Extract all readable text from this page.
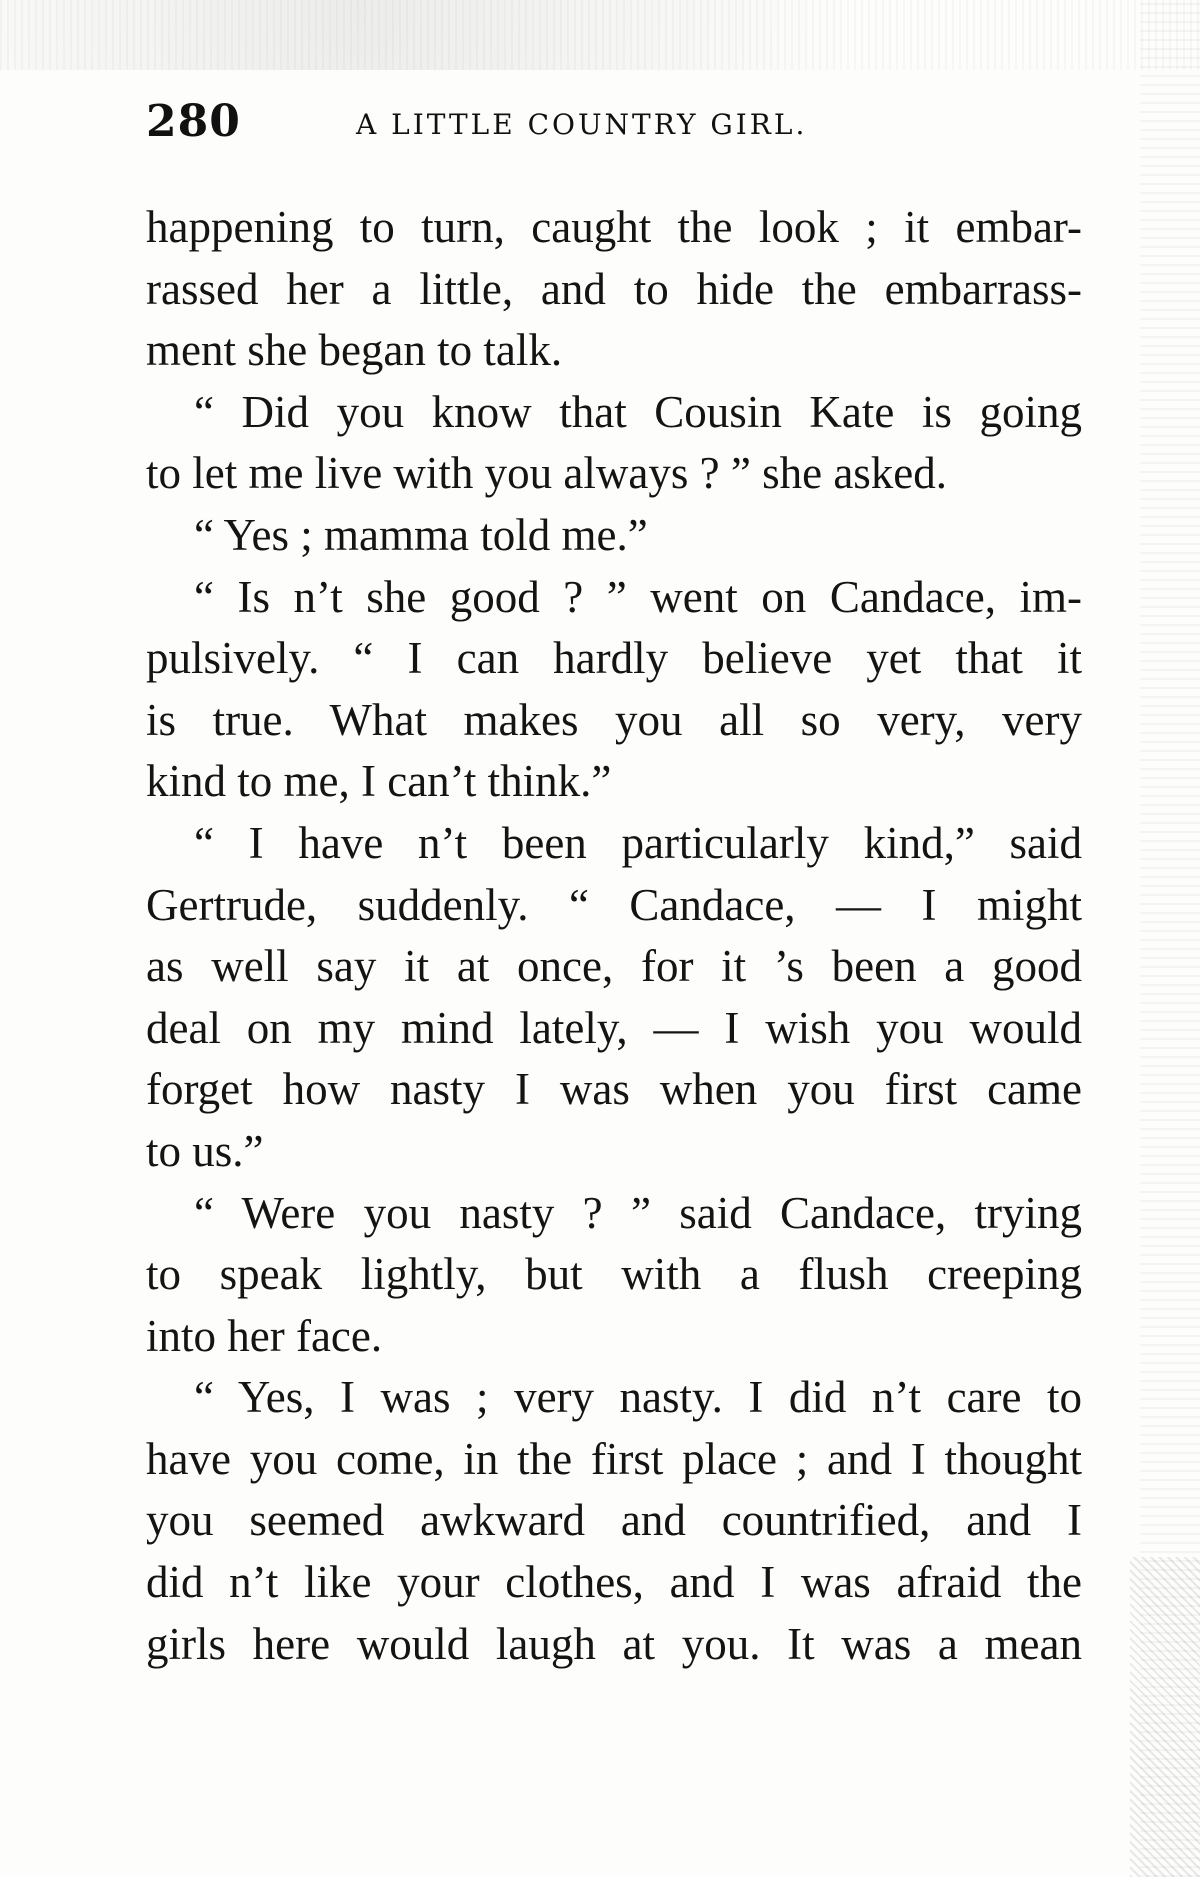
280	A LITTLE COUNTRY GIRL.

happening to turn, caught the look ; it embar-
rassed her a little, and to hide the embarrass-
ment she began to talk.

“ Did you know that Cousin Kate is going
to let me live with you always ? ” she asked.

“ Yes ; mamma told me.”

“ Is n’t she good ? ” went on Candace, im-
pulsively. “ I can hardly believe yet that it
is true. What makes you all so very, very
kind to me, I can’t think.”

“ I have n’t been particularly kind,” said
Gertrude, suddenly. “ Candace, — I might
as well say it at once, for it ’s been a good
deal on my mind lately, — I wish you would
forget how nasty I was when you first came
to us.”

“ Were you nasty ? ” said Candace, trying
to speak lightly, but with a flush creeping
into her face.

“ Yes, I was ; very nasty. I did n’t care to
have you come, in the first place ; and I thought
you seemed awkward and countrified, and I
did n’t like your clothes, and I was afraid the
girls here would laugh at you. It was a mean
